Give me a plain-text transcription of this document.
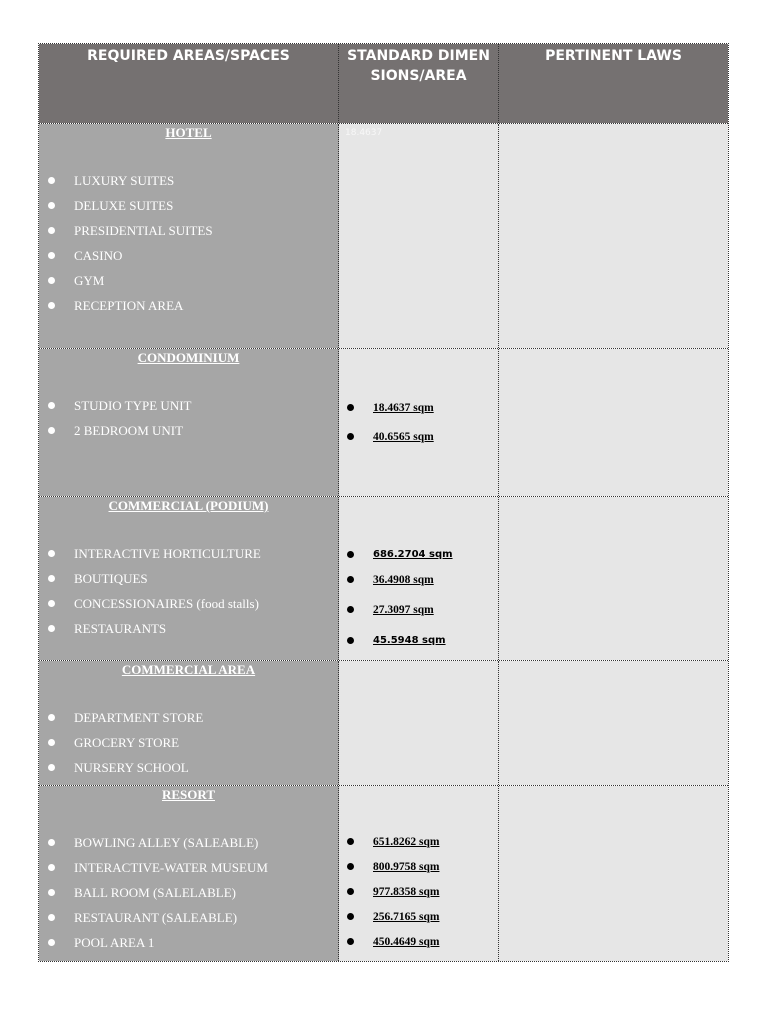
REQUIRED AREAS/SPACES	STANDARD DIMENSIONS/AREA
PERTINENT LAWS
HOTEL
LUXURY SUITES
DELUXE SUITES
PRESIDENTIAL SUITES
CASINO
GYM
RECEPTION AREA
18.4637
CONDOMINIUM
STUDIO TYPE UNIT
2 BEDROOM UNIT
18.4637 sqm
40.6565 sqm
COMMERCIAL (PODIUM)
INTERACTIVE HORTICULTURE
BOUTIQUES
CONCESSIONAIRES (food stalls)
RESTAURANTS
686.2704 sqm
36.4908 sqm
27.3097 sqm
45.5948 sqm
COMMERCIAL AREA
DEPARTMENT STORE
GROCERY STORE
NURSERY SCHOOL
RESORT
BOWLING ALLEY (SALEABLE)
INTERACTIVE-WATER MUSEUM
BALL ROOM (SALELABLE)
RESTAURANT (SALEABLE)
POOL AREA 1
651.8262 sqm
800.9758 sqm
977.8358 sqm
256.7165 sqm
450.4649 sqm
